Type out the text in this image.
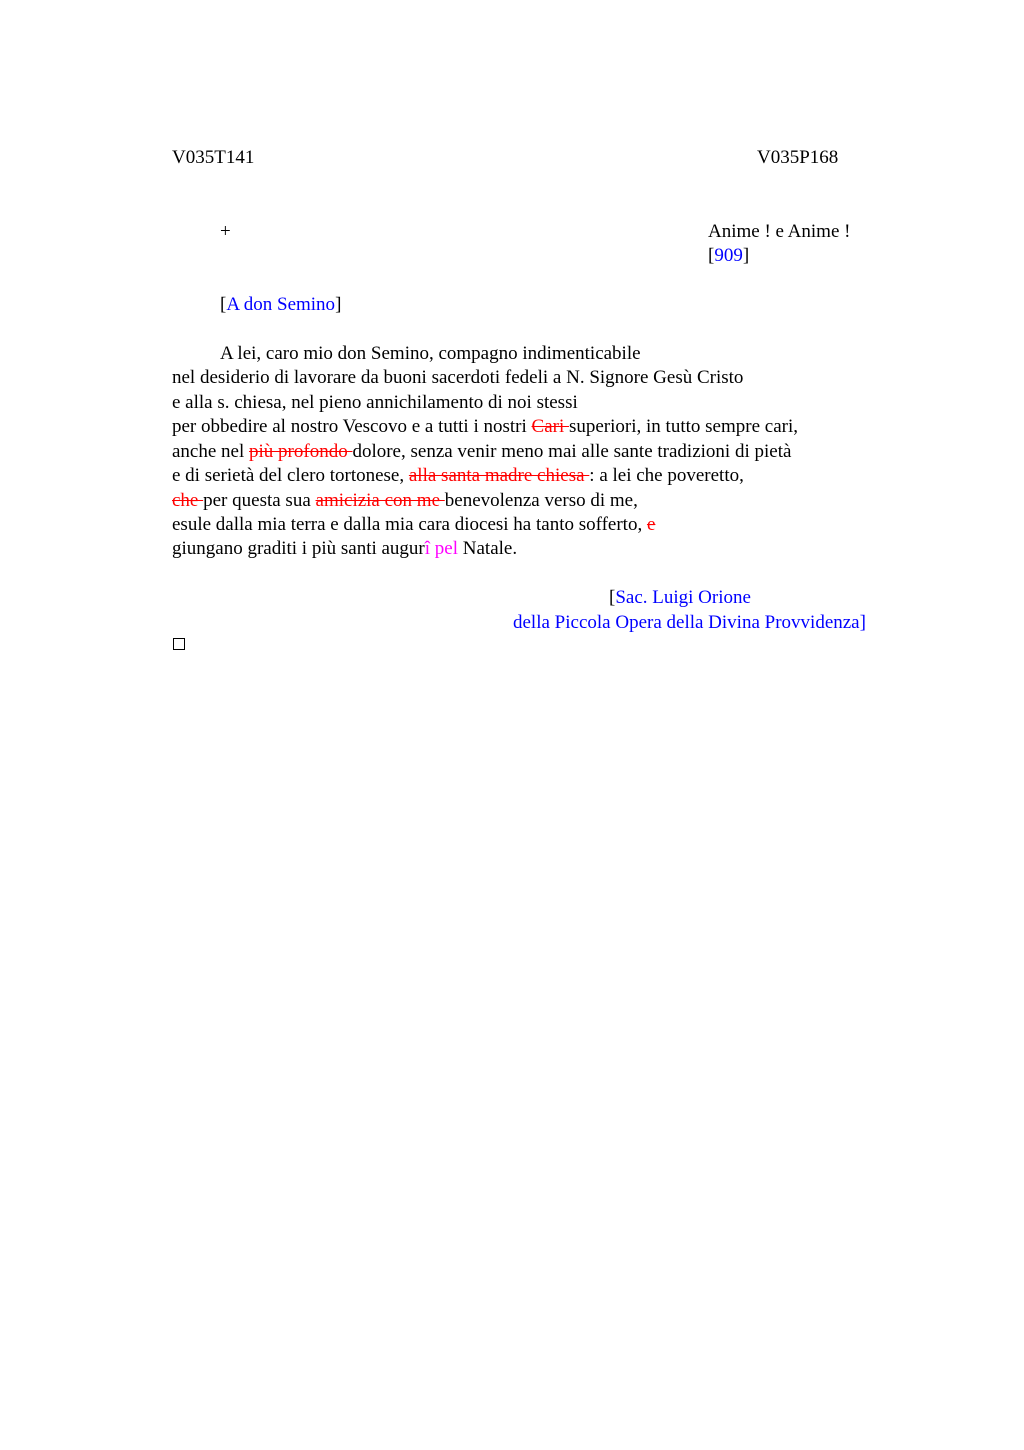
V035T141	V035P168
+	Anime ! e Anime !
[909]
[A don Semino]
A lei, caro mio don Semino, compagno indimenticabile
nel desiderio di lavorare da buoni sacerdoti fedeli a N. Signore Gesù Cristo
e alla s. chiesa, nel pieno annichilamento di noi stessi
per obbedire al nostro Vescovo e a tutti i nostri Cari superiori, in tutto sempre cari,
anche nel più profondo dolore, senza venir meno mai alle sante tradizioni di pietà
e di serietà del clero tortonese, alla santa madre chiesa : a lei che poveretto,
che per questa sua amicizia con me benevolenza verso di me,
esule dalla mia terra e dalla mia cara diocesi ha tanto sofferto, e
giungano graditi i più santi augurî pel Natale.
[Sac. Luigi Orione
della Piccola Opera della Divina Provvidenza]
